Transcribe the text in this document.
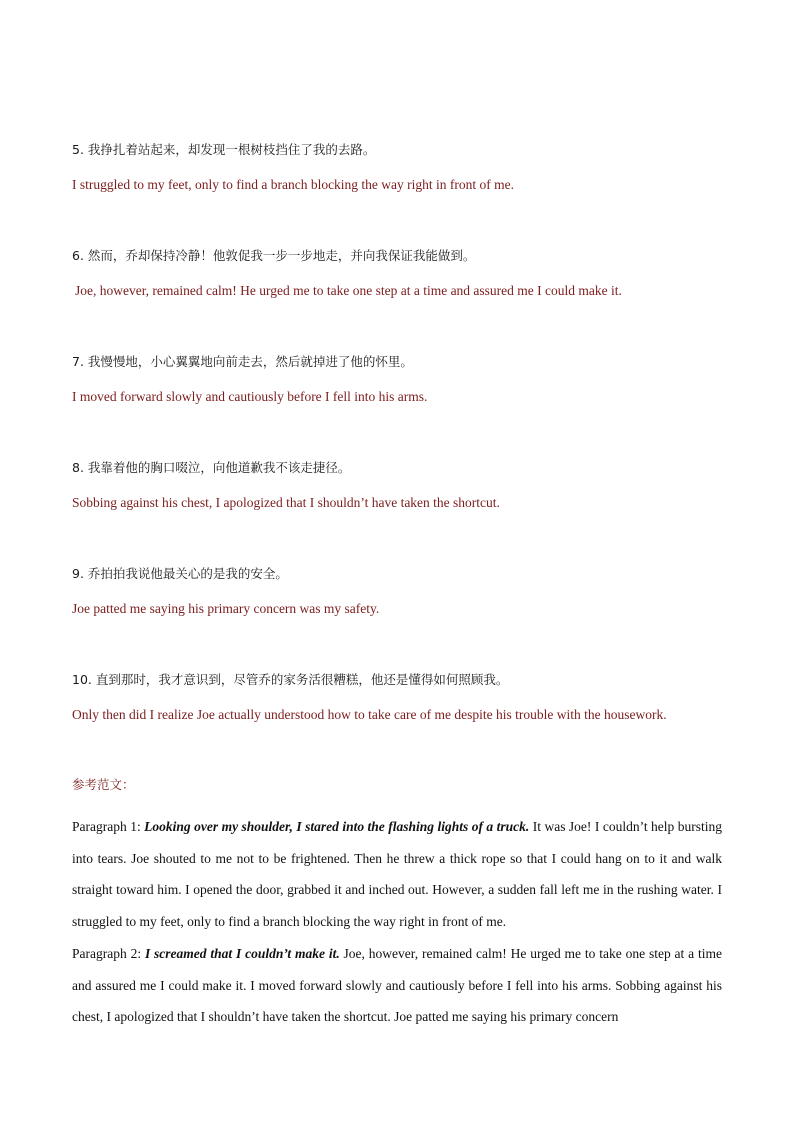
5. 我挣扎着站起来，却发现一根树枝挡住了我的去路。
I struggled to my feet, only to find a branch blocking the way right in front of me.
6. 然而，乔却保持冷静！他敦促我一步一步地走，并向我保证我能做到。
Joe, however, remained calm! He urged me to take one step at a time and assured me I could make it.
7. 我慢慢地，小心翼翼地向前走去，然后就掉进了他的怀里。
I moved forward slowly and cautiously before I fell into his arms.
8. 我靠着他的胸口啜泣，向他道歉我不该走捷径。
Sobbing against his chest, I apologized that I shouldn’t have taken the shortcut.
9. 乔拍拍我说他最关心的是我的安全。
Joe patted me saying his primary concern was my safety.
10. 直到那时，我才意识到，尽管乔的家务活很糟糕，他还是懂得如何照顾我。
Only then did I realize Joe actually understood how to take care of me despite his trouble with the housework.
参考范文：

Paragraph 1: Looking over my shoulder, I stared into the flashing lights of a truck. It was Joe! I couldn’t help bursting into tears. Joe shouted to me not to be frightened. Then he threw a thick rope so that I could hang on to it and walk straight toward him. I opened the door, grabbed it and inched out. However, a sudden fall left me in the rushing water. I struggled to my feet, only to find a branch blocking the way right in front of me.

Paragraph 2: I screamed that I couldn’t make it. Joe, however, remained calm! He urged me to take one step at a time and assured me I could make it. I moved forward slowly and cautiously before I fell into his arms. Sobbing against his chest, I apologized that I shouldn’t have taken the shortcut. Joe patted me saying his primary concern
